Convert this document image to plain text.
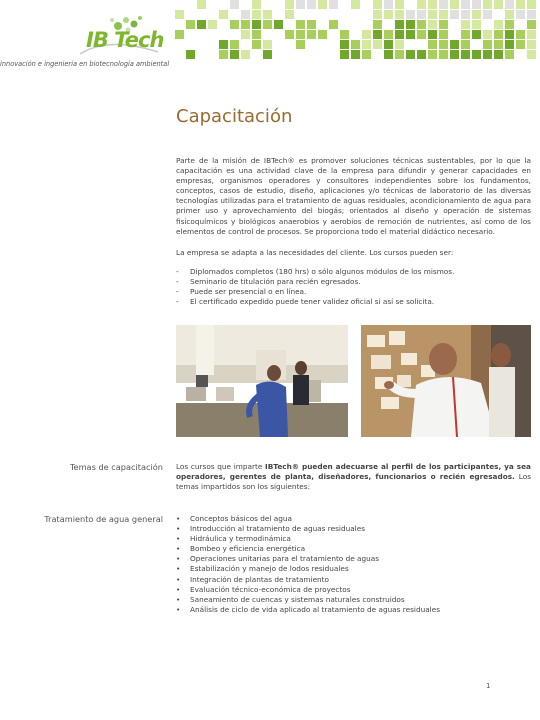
IB Tech
innovación e ingeniería en biotecnología ambiental
Capacitación

Parte de la misión de IBTech® es promover soluciones técnicas sustentables, por lo que la capacitación es una actividad clave de la empresa para difundir y generar capacidades en empresas, organismos operadores y consultores independientes sobre los fundamentos, conceptos, casos de estudio, diseño, aplicaciones y/o técnicas de laboratorio de las diversas tecnologías utilizadas para el tratamiento de aguas residuales, acondicionamiento de agua para primer uso y aprovechamiento del biogás; orientados al diseño y operación de sistemas fisicoquímicos y biológicos anaerobios y aerobios de remoción de nutrientes, así como de los elementos de control de procesos. Se proporciona todo el material didáctico necesario.

La empresa se adapta a las necesidades del cliente. Los cursos pueden ser:

- Diplomados completos (180 hrs) o sólo algunos módulos de los mismos.
- Seminario de titulación para recién egresados.
- Puede ser presencial o en línea.
- El certificado expedido puede tener validez oficial si así se solicita.
Temas de capacitación Los cursos que imparte IBTech® pueden adecuarse al perfil de los participantes, ya sea operadores, gerentes de planta, diseñadores, funcionarios o recién egresados. Los temas impartidos son los siguientes:

Tratamiento de agua general • Conceptos básicos del agua
• Introducción al tratamiento de aguas residuales
• Hidráulica y termodinámica
• Bombeo y eficiencia energética
• Operaciones unitarias para el tratamiento de aguas
• Estabilización y manejo de lodos residuales
• Integración de plantas de tratamiento
• Evaluación técnico-económica de proyectos
• Saneamiento de cuencas y sistemas naturales construidos
• Análisis de ciclo de vida aplicado al tratamiento de aguas residuales
1
